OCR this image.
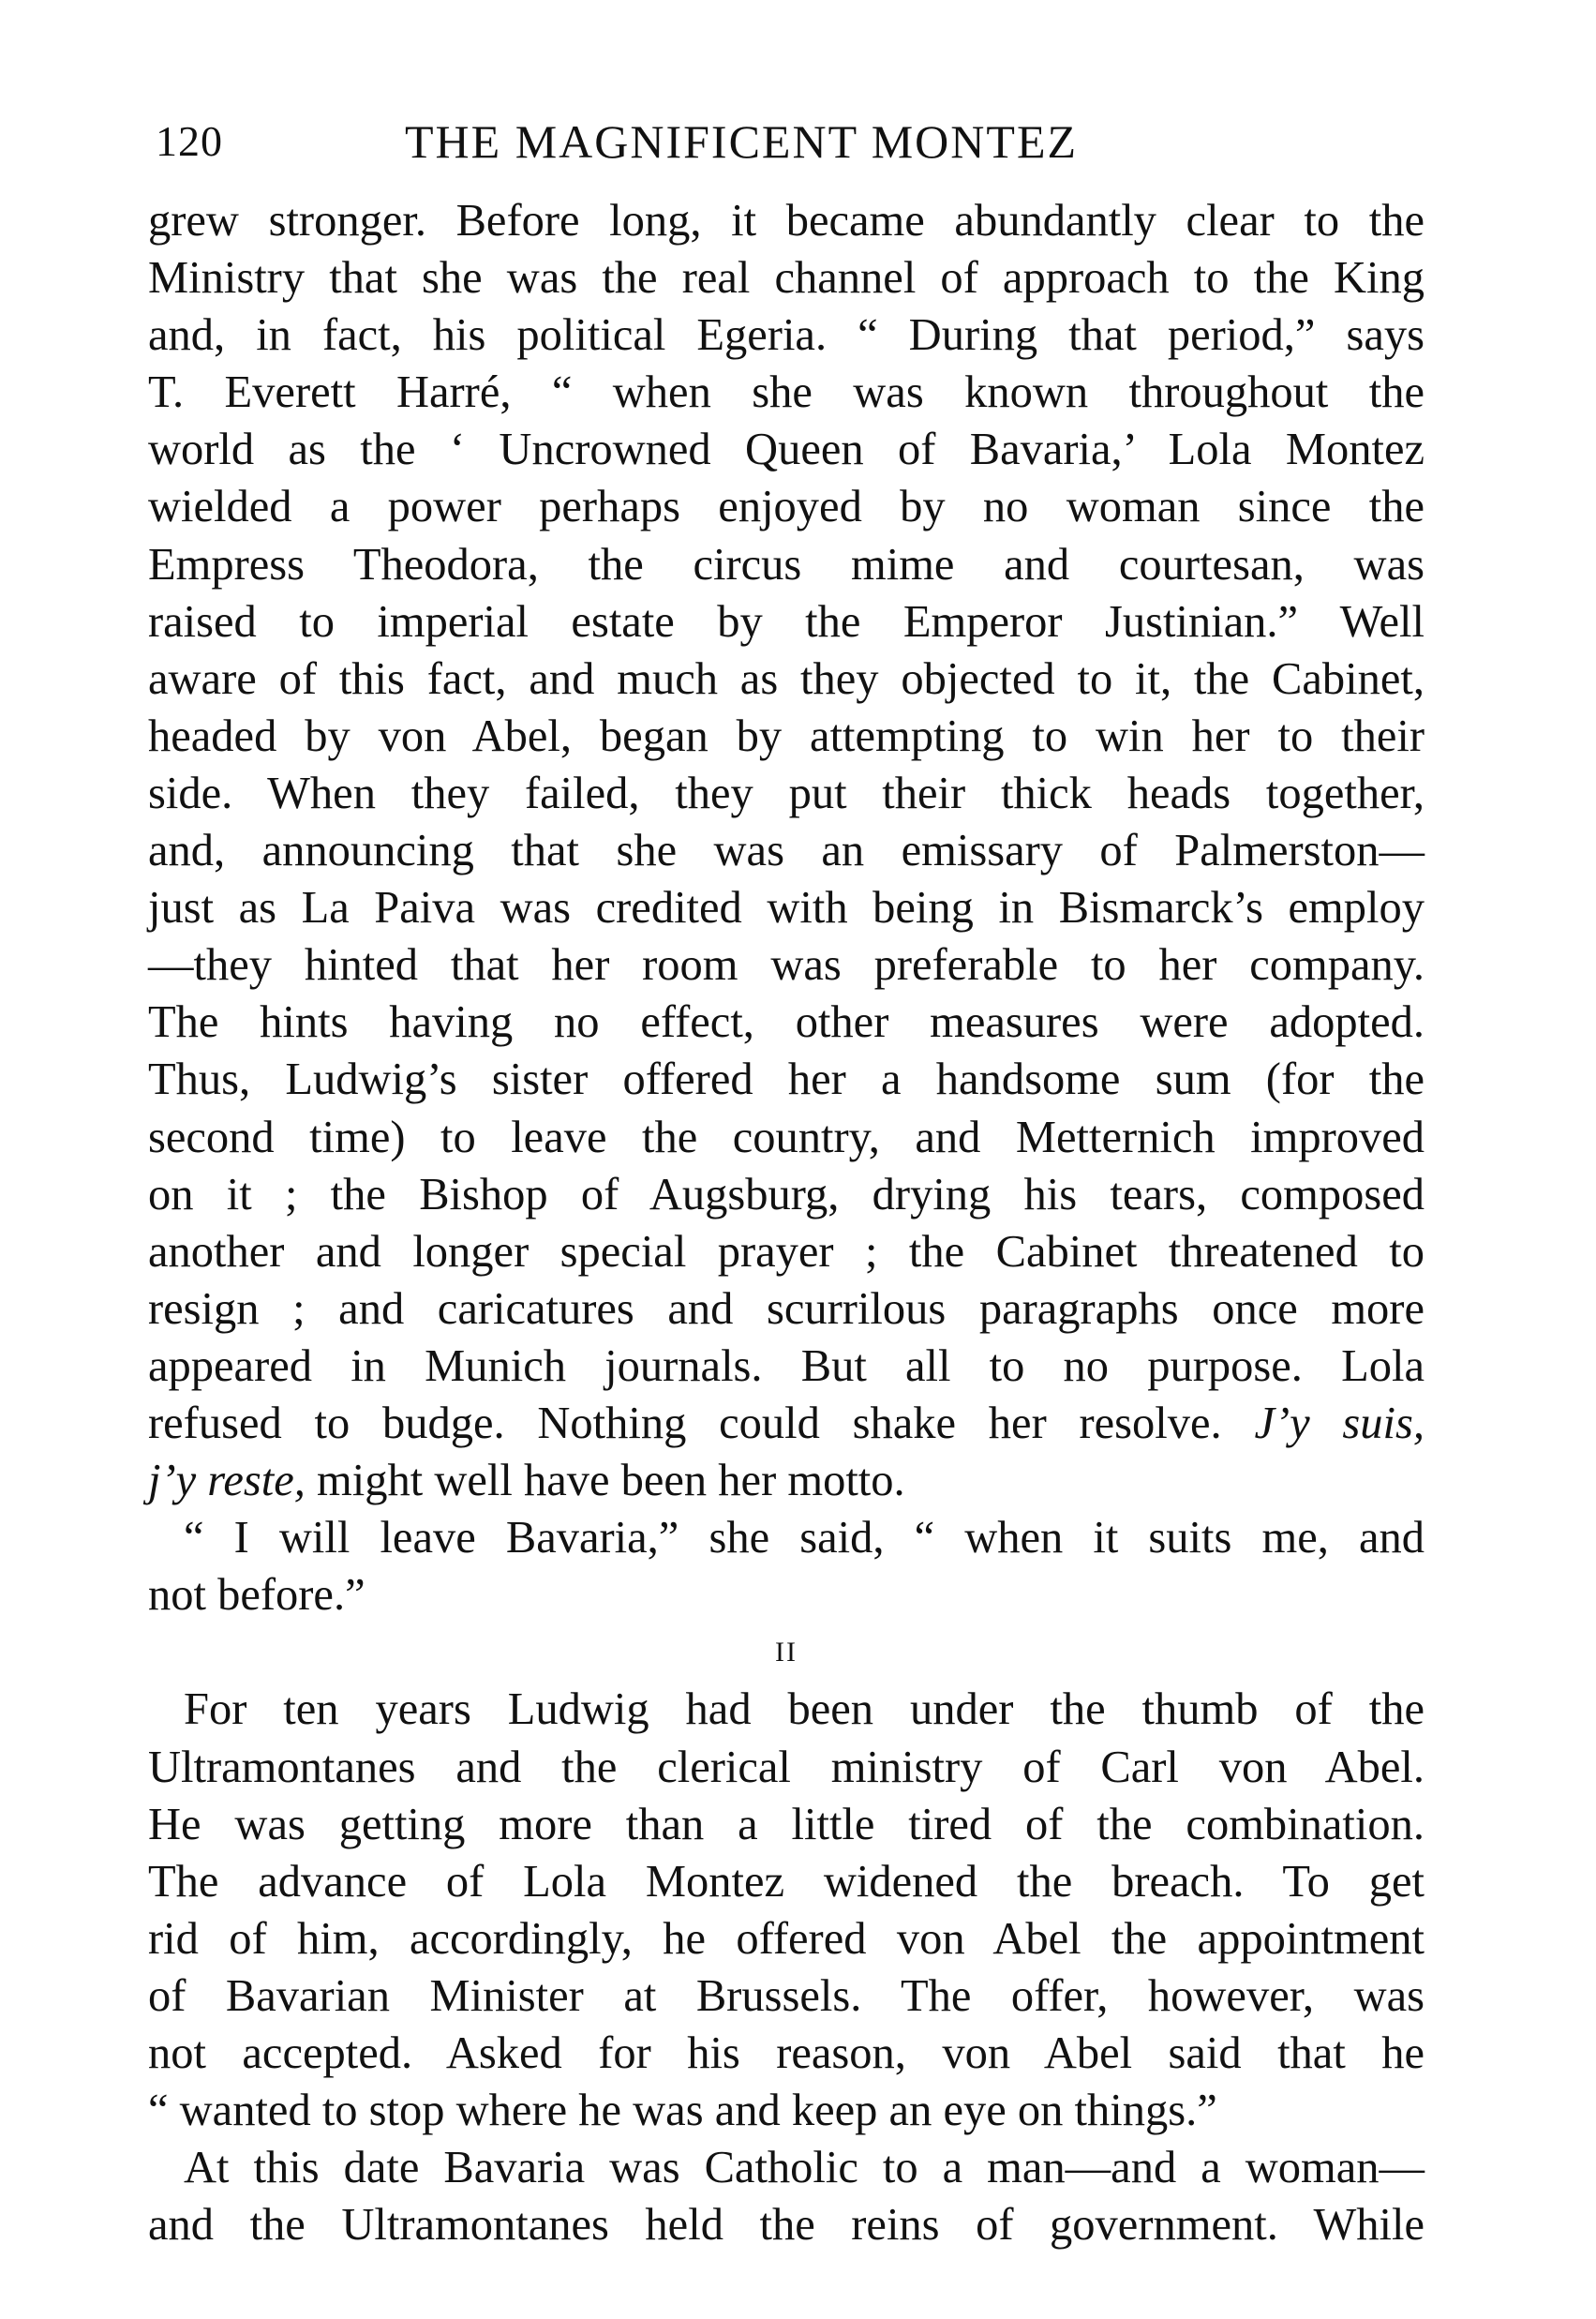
120	THE MAGNIFICENT MONTEZ
grew stronger. Before long, it became abundantly clear to the
Ministry that she was the real channel of approach to the King
and, in fact, his political Egeria. “ During that period,” says
T. Everett Harré, “ when she was known throughout the
world as the ‘ Uncrowned Queen of Bavaria,’ Lola Montez
wielded a power perhaps enjoyed by no woman since the
Empress Theodora, the circus mime and courtesan, was
raised to imperial estate by the Emperor Justinian.” Well
aware of this fact, and much as they objected to it, the Cabinet,
headed by von Abel, began by attempting to win her to their
side. When they failed, they put their thick heads together,
and, announcing that she was an emissary of Palmerston—
just as La Paiva was credited with being in Bismarck’s employ
—they hinted that her room was preferable to her company.
The hints having no effect, other measures were adopted.
Thus, Ludwig’s sister offered her a handsome sum (for the
second time) to leave the country, and Metternich improved
on it ; the Bishop of Augsburg, drying his tears, composed
another and longer special prayer ; the Cabinet threatened to
resign ; and caricatures and scurrilous paragraphs once more
appeared in Munich journals. But all to no purpose. Lola
refused to budge. Nothing could shake her resolve. J’y suis,
j’y reste, might well have been her motto.
“ I will leave Bavaria,” she said, “ when it suits me, and
not before.”
II
For ten years Ludwig had been under the thumb of the
Ultramontanes and the clerical ministry of Carl von Abel.
He was getting more than a little tired of the combination.
The advance of Lola Montez widened the breach. To get
rid of him, accordingly, he offered von Abel the appointment
of Bavarian Minister at Brussels. The offer, however, was
not accepted. Asked for his reason, von Abel said that he
“ wanted to stop where he was and keep an eye on things.”
At this date Bavaria was Catholic to a man—and a woman—
and the Ultramontanes held the reins of government. While
